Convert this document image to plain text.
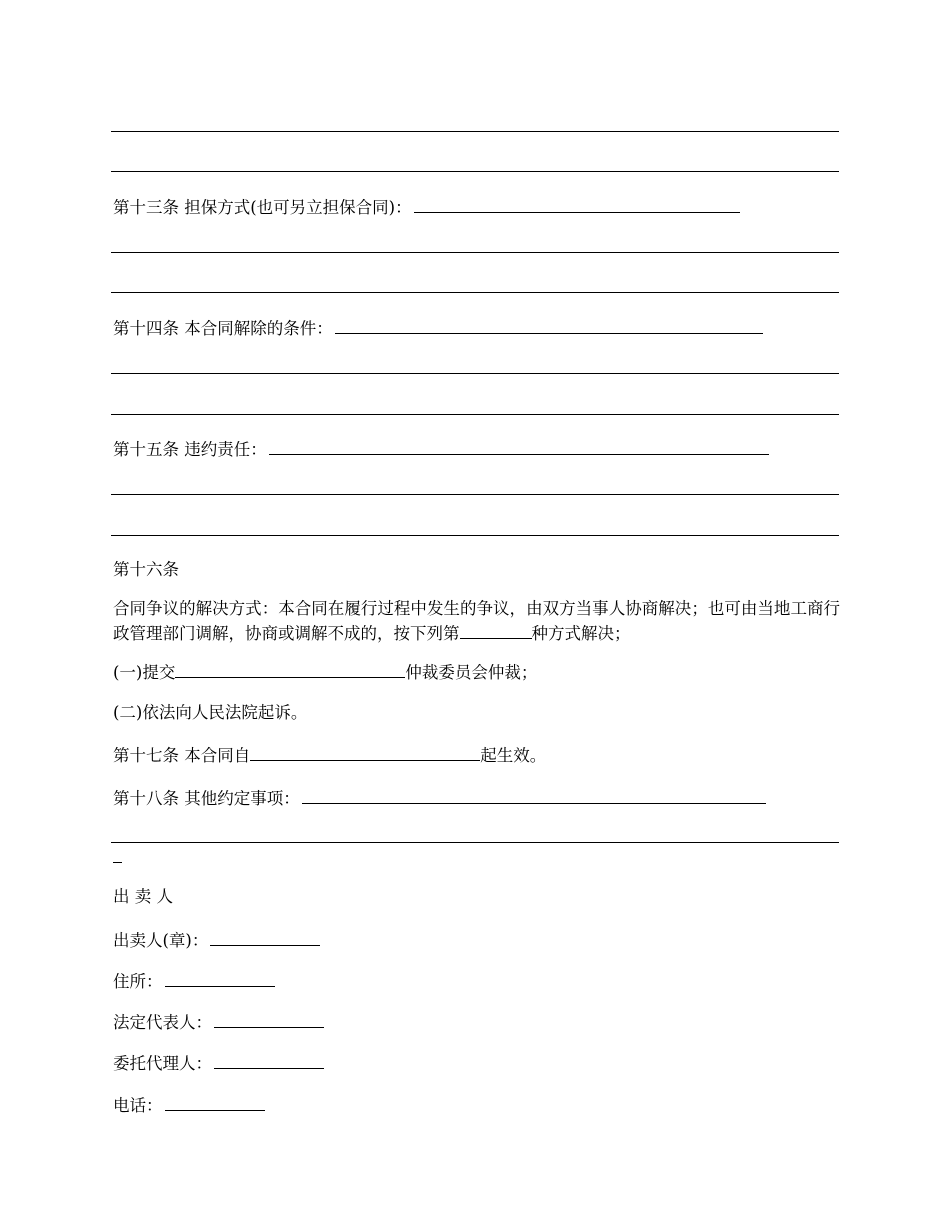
第十三条 担保方式(也可另立担保合同)：
第十四条 本合同解除的条件：
第十五条 违约责任：
第十六条
合同争议的解决方式：本合同在履行过程中发生的争议，由双方当事人协商解决；也可由当地工商行政管理部门调解，协商或调解不成的，按下列第	种方式解决；
(一)提交	仲裁委员会仲裁；
(二)依法向人民法院起诉。
第十七条 本合同自	起生效。
第十八条 其他约定事项：
出 卖 人
出卖人(章)：
住所：
法定代表人：
委托代理人：
电话：
